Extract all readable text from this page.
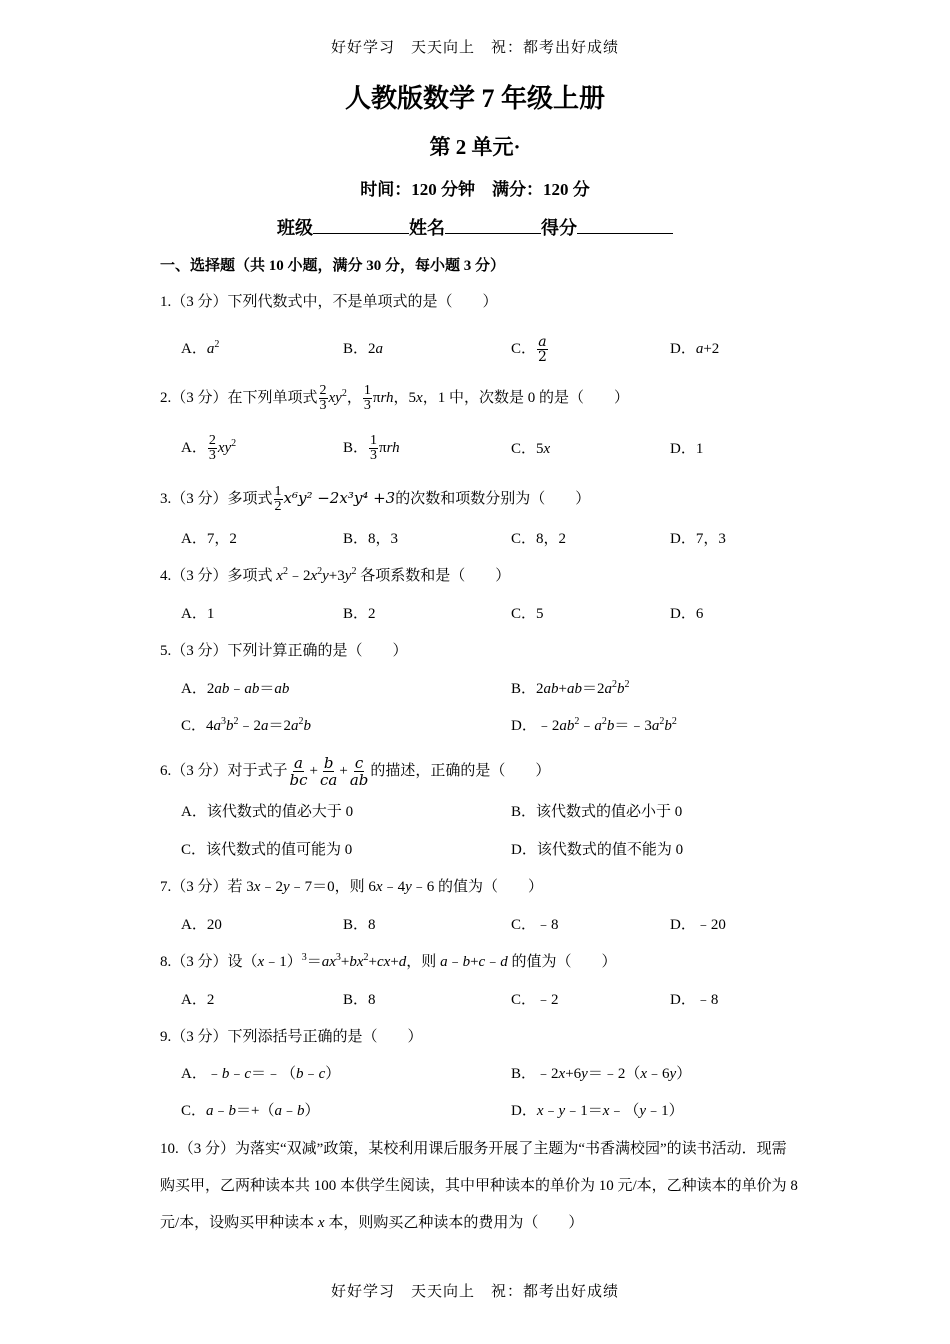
好好学习　天天向上　祝：都考出好成绩
人教版数学 7 年级上册
第 2 单元·
时间：120 分钟　满分：120 分
班级	姓名	得分
一、选择题（共 10 小题，满分 30 分，每小题 3 分）
1.（3 分）下列代数式中，不是单项式的是（　　）
A．$a^2$	B．2a	C． $\frac{a}{2}$	D．a+2
2.（3 分）在下列单项式 $\frac{2}{3} xy^2$， $\frac{1}{3}$ πrh，5x，1 中，次数是 0 的是（　　）
A． $\frac{2}{3} xy^2$	B． $\frac{1}{3}$ πrh	C．5x	D．1
3.（3 分）多项式 $\frac{1}{2} x^6y^2 -2x^3y^4 +3$的次数和项数分别为（　　）
A．7，2	B．8，3	C．8，2	D．7，3
4.（3 分）多项式 $x^2﹣2x^2y+3y^2$ 各项系数和是（　　）
A．1	B．2	C．5	D．6
5.（3 分）下列计算正确的是（　　）
A．2ab﹣ab＝ab	B．$2ab+ab=2a^2b^2$
C．$4a^3b^2﹣2a=2a^2b$	D．$﹣2ab^2﹣a^2b=﹣3a^2b^2$
6.（3 分）对于式子 $\frac{a}{bc} + \frac{b}{ca} + \frac{c}{ab}$ 的描述，正确的是（　　）
A．该代数式的值必大于 0	B．该代数式的值必小于 0
C．该代数式的值可能为 0	D．该代数式的值不能为 0
7.（3 分）若 3x﹣2y﹣7＝0，则 6x﹣4y﹣6 的值为（　　）
A．20	B．8	C．﹣8	D．﹣20
8.（3 分）设$(x﹣1)^3=ax^3+bx^2+cx+d$，则 a﹣b+c﹣d 的值为（　　）
A．2	B．8	C．﹣2	D．﹣8
9.（3 分）下列添括号正确的是（　　）
A．﹣b﹣c＝﹣（b﹣c）	B．﹣2x+6y＝﹣2（x﹣6y）
C．a﹣b＝+（a﹣b）	D．x﹣y﹣1＝x﹣（y﹣1）
10.（3 分）为落实“双减”政策，某校利用课后服务开展了主题为“书香满校园”的读书活动．现需购买甲，乙两种读本共 100 本供学生阅读，其中甲种读本的单价为 10 元/本，乙种读本的单价为 8 元/本，设购买甲种读本 x 本，则购买乙种读本的费用为（　　）
好好学习　天天向上　祝：都考出好成绩
